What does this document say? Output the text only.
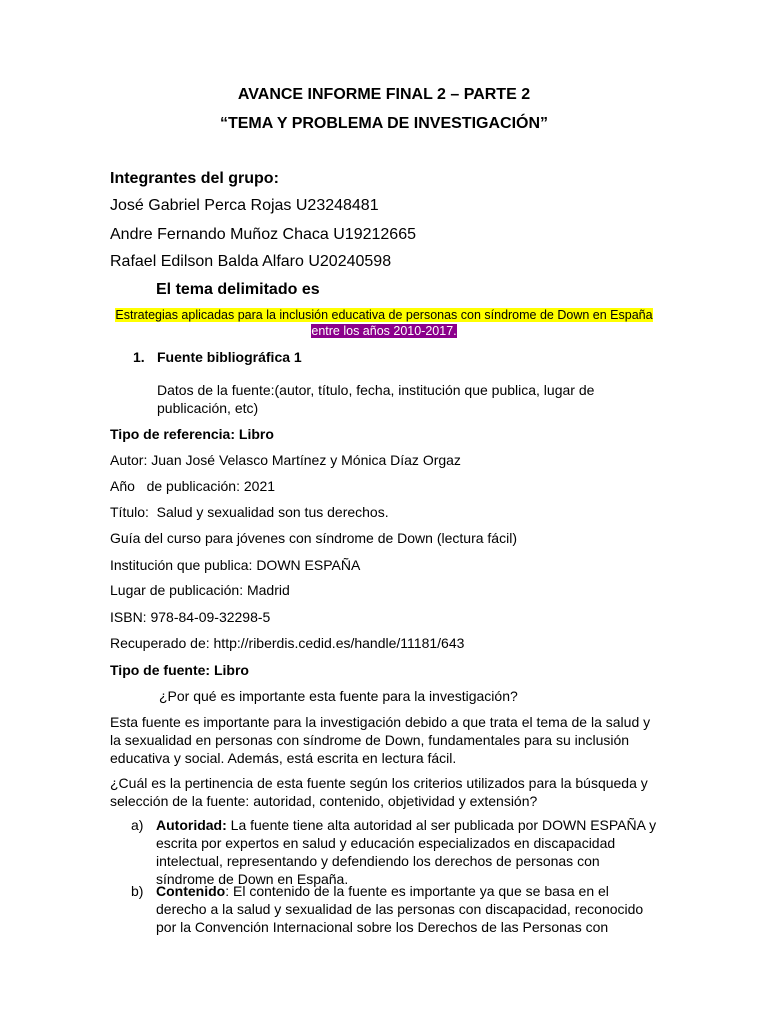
AVANCE INFORME FINAL 2 – PARTE 2
“TEMA Y PROBLEMA DE INVESTIGACIÓN”
Integrantes del grupo:
José Gabriel Perca Rojas U23248481
Andre Fernando Muñoz Chaca U19212665
Rafael Edilson Balda Alfaro U20240598
El tema delimitado es
Estrategias aplicadas para la inclusión educativa de personas con síndrome de Down en España entre los años 2010-2017.
1. Fuente bibliográfica 1
Datos de la fuente:(autor, título, fecha, institución que publica, lugar de publicación, etc)
Tipo de referencia: Libro
Autor: Juan José Velasco Martínez y Mónica Díaz Orgaz
Año   de publicación: 2021
Título:  Salud y sexualidad son tus derechos.
Guía del curso para jóvenes con síndrome de Down (lectura fácil)
Institución que publica: DOWN ESPAÑA
Lugar de publicación: Madrid
ISBN: 978-84-09-32298-5
Recuperado de: http://riberdis.cedid.es/handle/11181/643
Tipo de fuente: Libro
¿Por qué es importante esta fuente para la investigación?
Esta fuente es importante para la investigación debido a que trata el tema de la salud y la sexualidad en personas con síndrome de Down, fundamentales para su inclusión educativa y social. Además, está escrita en lectura fácil.
¿Cuál es la pertinencia de esta fuente según los criterios utilizados para la búsqueda y selección de la fuente: autoridad, contenido, objetividad y extensión?
a) Autoridad: La fuente tiene alta autoridad al ser publicada por DOWN ESPAÑA y escrita por expertos en salud y educación especializados en discapacidad intelectual, representando y defendiendo los derechos de personas con síndrome de Down en España.
b) Contenido: El contenido de la fuente es importante ya que se basa en el derecho a la salud y sexualidad de las personas con discapacidad, reconocido por la Convención Internacional sobre los Derechos de las Personas con
